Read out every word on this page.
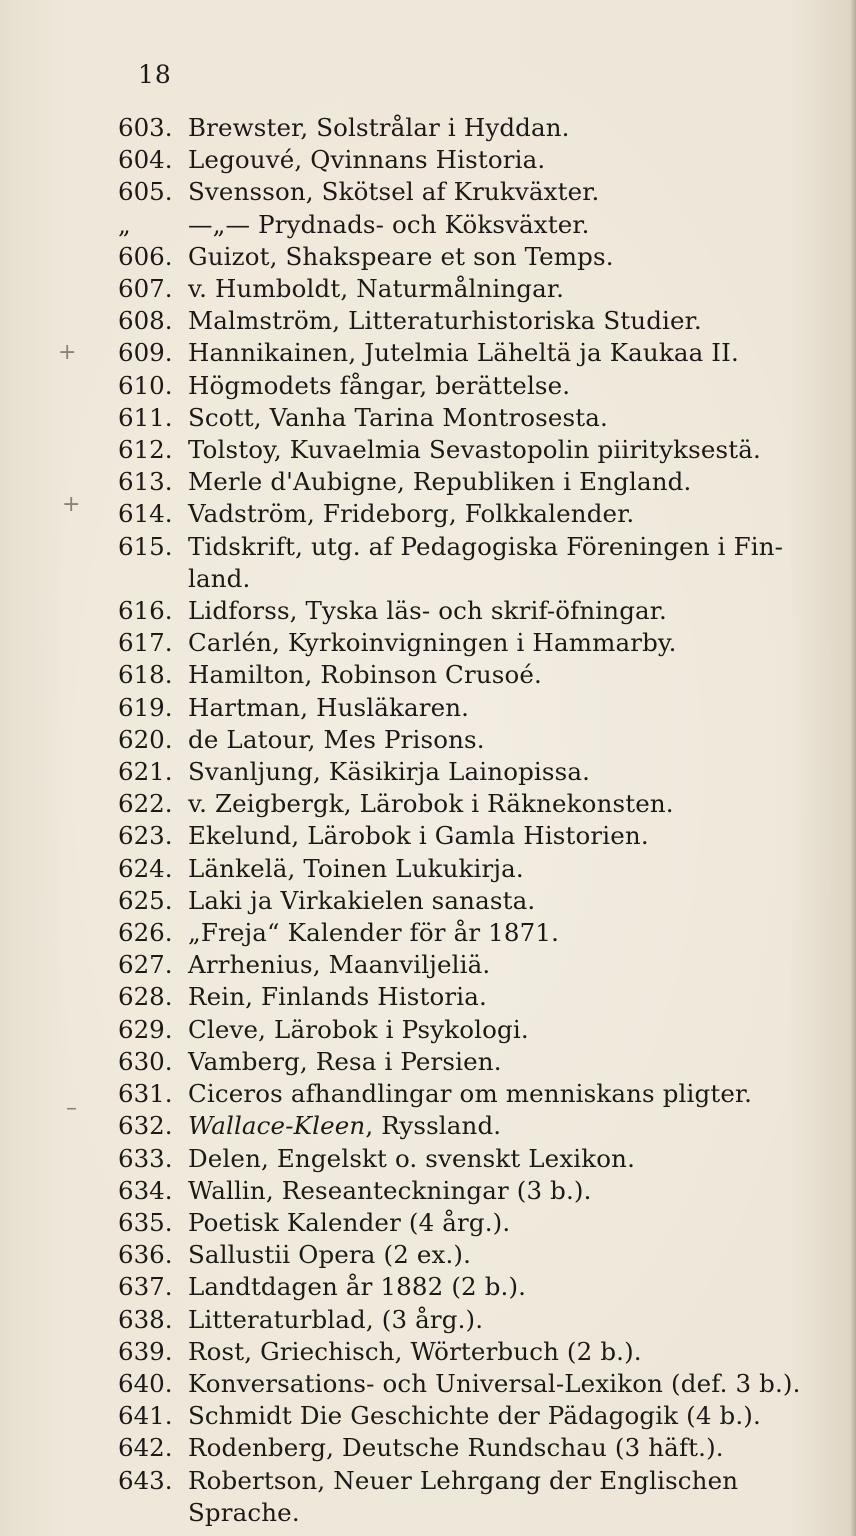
18
+
+
–
603. Brewster, Solstrålar i Hyddan.
604. Legouvé, Qvinnans Historia.
605. Svensson, Skötsel af Krukväxter.
„	—„— Prydnads- och Köksväxter.
606. Guizot, Shakspeare et son Temps.
607. v. Humboldt, Naturmålningar.
608. Malmström, Litteraturhistoriska Studier.
609. Hannikainen, Jutelmia Läheltä ja Kaukaa II.
610. Högmodets fångar, berättelse.
611. Scott, Vanha Tarina Montrosesta.
612. Tolstoy, Kuvaelmia Sevastopolin piirityksestä.
613. Merle d'Aubigne, Republiken i England.
614. Vadström, Frideborg, Folkkalender.
615. Tidskrift, utg. af Pedagogiska Föreningen i Fin-
land.
616. Lidforss, Tyska läs- och skrif-öfningar.
617. Carlén, Kyrkoinvigningen i Hammarby.
618. Hamilton, Robinson Crusoé.
619. Hartman, Husläkaren.
620. de Latour, Mes Prisons.
621. Svanljung, Käsikirja Lainopissa.
622. v. Zeigbergk, Lärobok i Räknekonsten.
623. Ekelund, Lärobok i Gamla Historien.
624. Länkelä, Toinen Lukukirja.
625. Laki ja Virkakielen sanasta.
626. „Freja“ Kalender för år 1871.
627. Arrhenius, Maanviljeliä.
628. Rein, Finlands Historia.
629. Cleve, Lärobok i Psykologi.
630. Vamberg, Resa i Persien.
631. Ciceros afhandlingar om menniskans pligter.
632. Wallace-Kleen, Ryssland.
633. Delen, Engelskt o. svenskt Lexikon.
634. Wallin, Reseanteckningar (3 b.).
635. Poetisk Kalender (4 årg.).
636. Sallustii Opera (2 ex.).
637. Landtdagen år 1882 (2 b.).
638. Litteraturblad, (3 årg.).
639. Rost, Griechisch, Wörterbuch (2 b.).
640. Konversations- och Universal-Lexikon (def. 3 b.).
641. Schmidt Die Geschichte der Pädagogik (4 b.).
642. Rodenberg, Deutsche Rundschau (3 häft.).
643. Robertson, Neuer Lehrgang der Englischen
Sprache.
